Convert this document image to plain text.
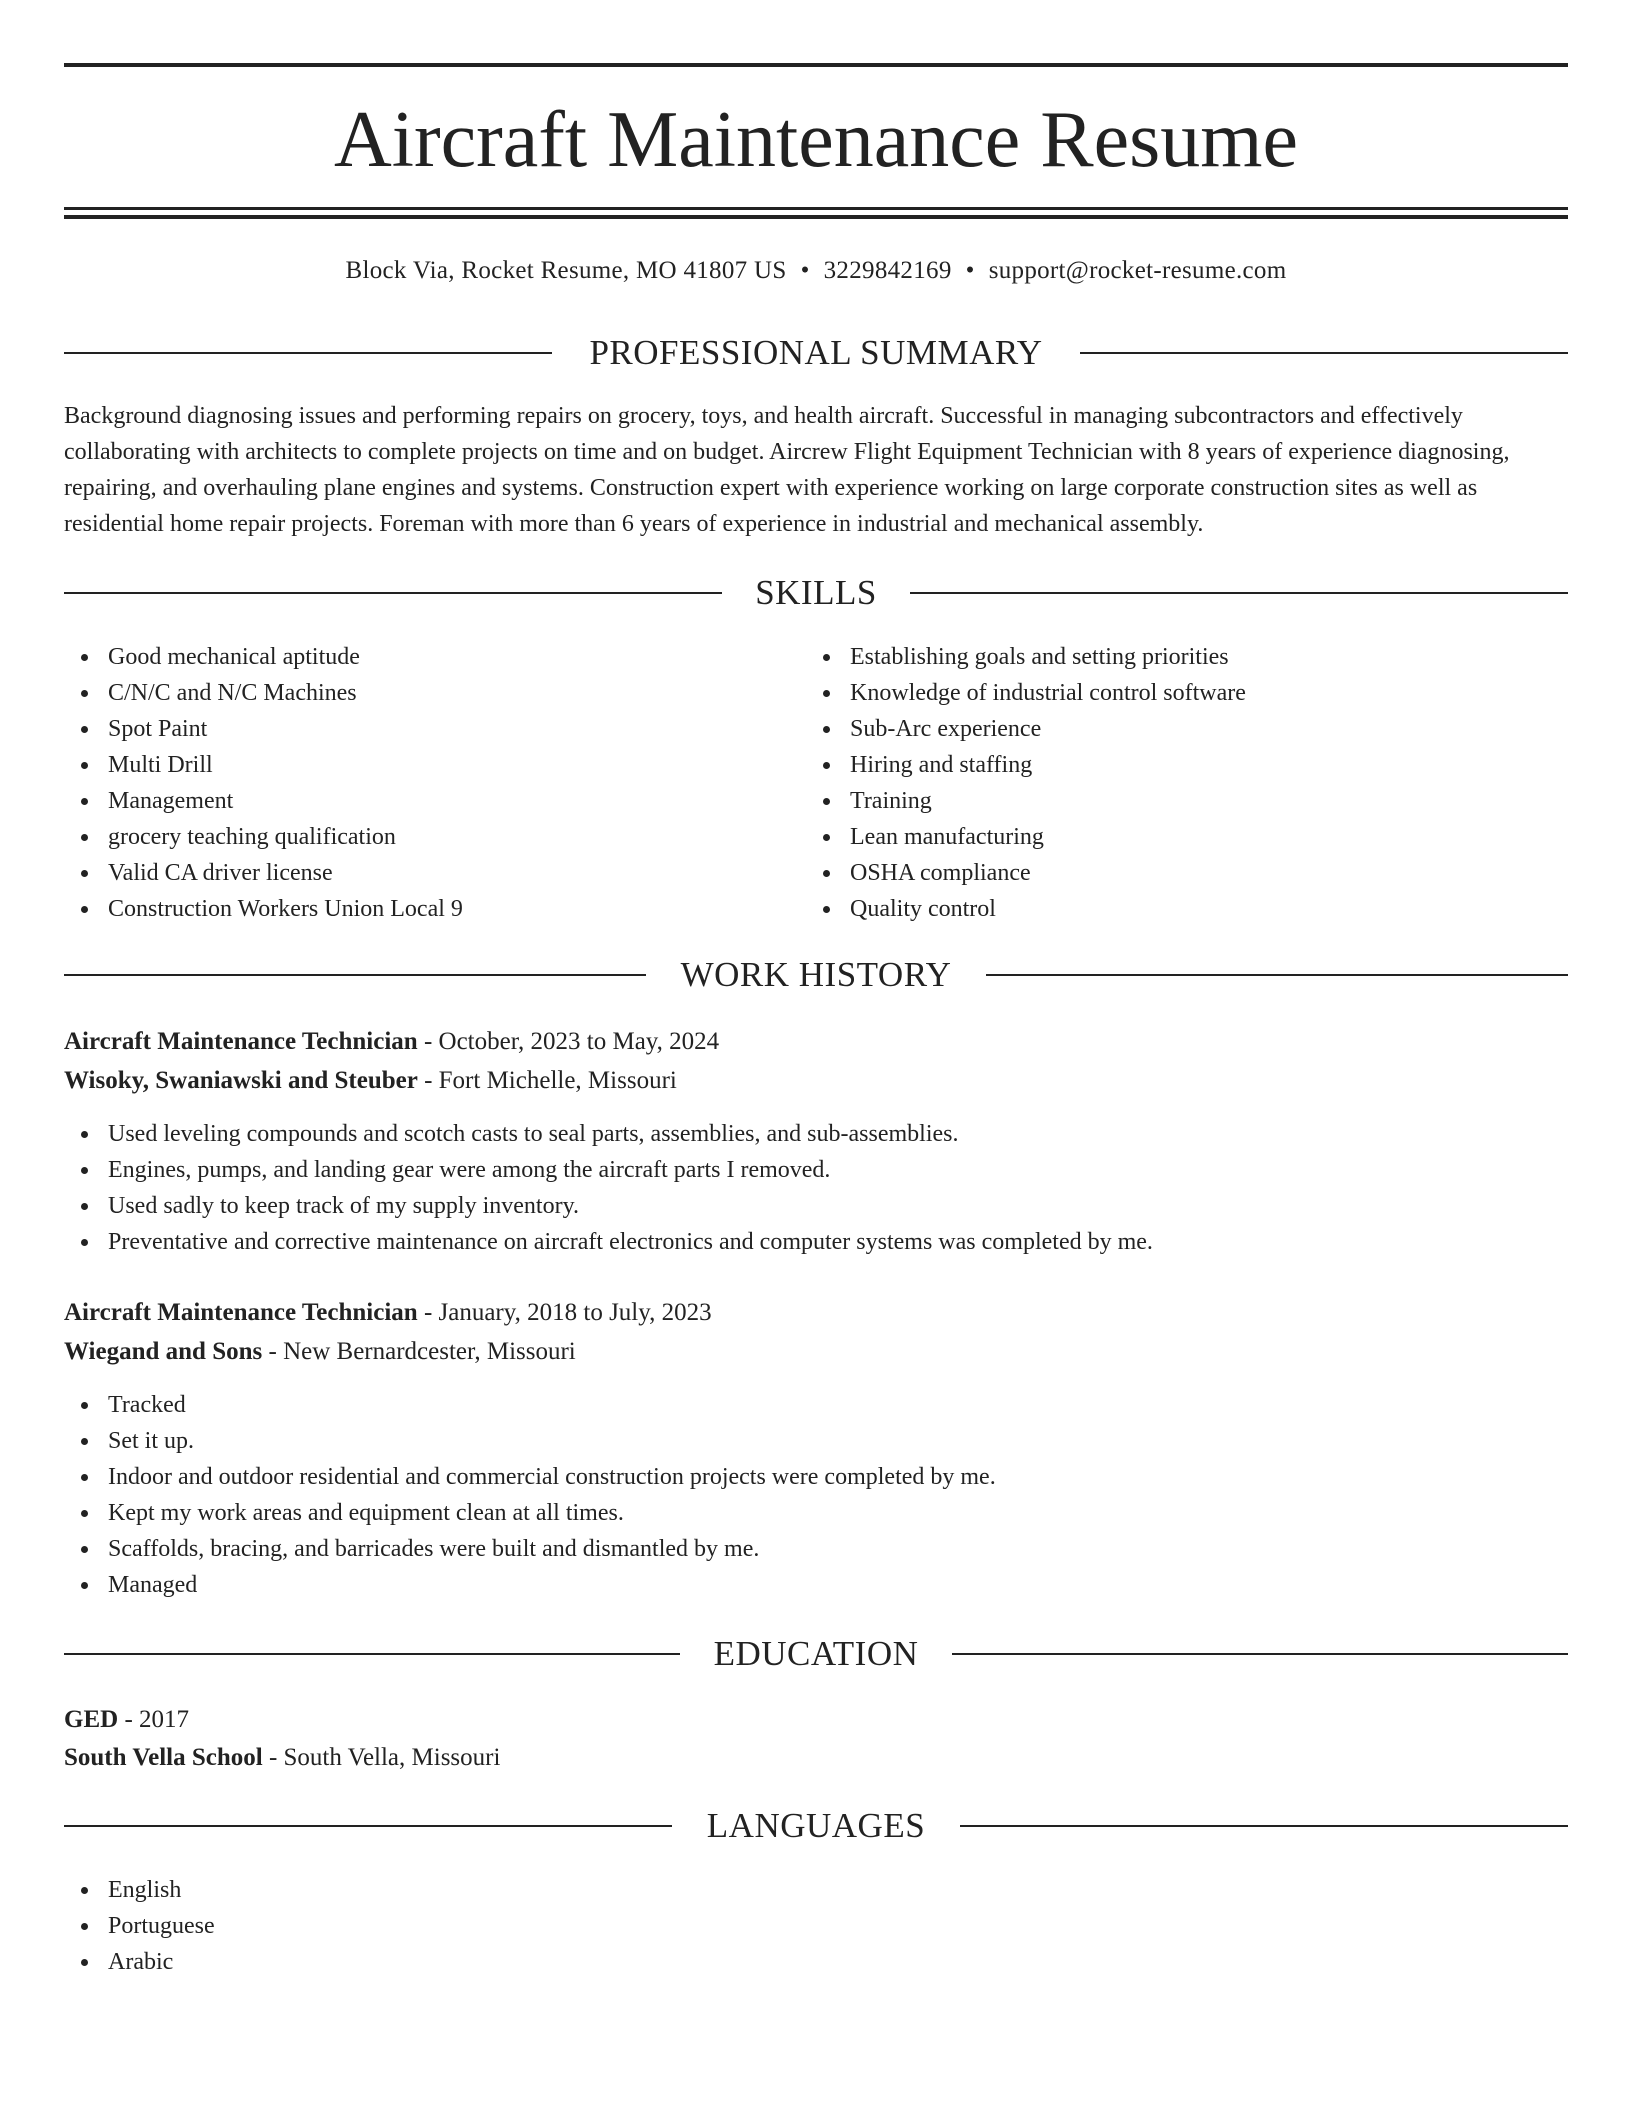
Aircraft Maintenance Resume
Block Via, Rocket Resume, MO 41807 US • 3229842169 • support@rocket-resume.com
PROFESSIONAL SUMMARY

Background diagnosing issues and performing repairs on grocery, toys, and health aircraft. Successful in managing subcontractors and effectively collaborating with architects to complete projects on time and on budget. Aircrew Flight Equipment Technician with 8 years of experience diagnosing, repairing, and overhauling plane engines and systems. Construction expert with experience working on large corporate construction sites as well as residential home repair projects. Foreman with more than 6 years of experience in industrial and mechanical assembly.

SKILLS
Good mechanical aptitude
C/N/C and N/C Machines
Spot Paint
Multi Drill
Management
grocery teaching qualification
Valid CA driver license
Construction Workers Union Local 9
Establishing goals and setting priorities
Knowledge of industrial control software
Sub-Arc experience
Hiring and staffing
Training
Lean manufacturing
OSHA compliance
Quality control
WORK HISTORY
Aircraft Maintenance Technician - October, 2023 to May, 2024
Wisoky, Swaniawski and Steuber - Fort Michelle, Missouri
Used leveling compounds and scotch casts to seal parts, assemblies, and sub-assemblies.
Engines, pumps, and landing gear were among the aircraft parts I removed.
Used sadly to keep track of my supply inventory.
Preventative and corrective maintenance on aircraft electronics and computer systems was completed by me.
Aircraft Maintenance Technician - January, 2018 to July, 2023
Wiegand and Sons - New Bernardcester, Missouri
Tracked
Set it up.
Indoor and outdoor residential and commercial construction projects were completed by me.
Kept my work areas and equipment clean at all times.
Scaffolds, bracing, and barricades were built and dismantled by me.
Managed
EDUCATION
GED - 2017
South Vella School - South Vella, Missouri
LANGUAGES
English
Portuguese
Arabic
